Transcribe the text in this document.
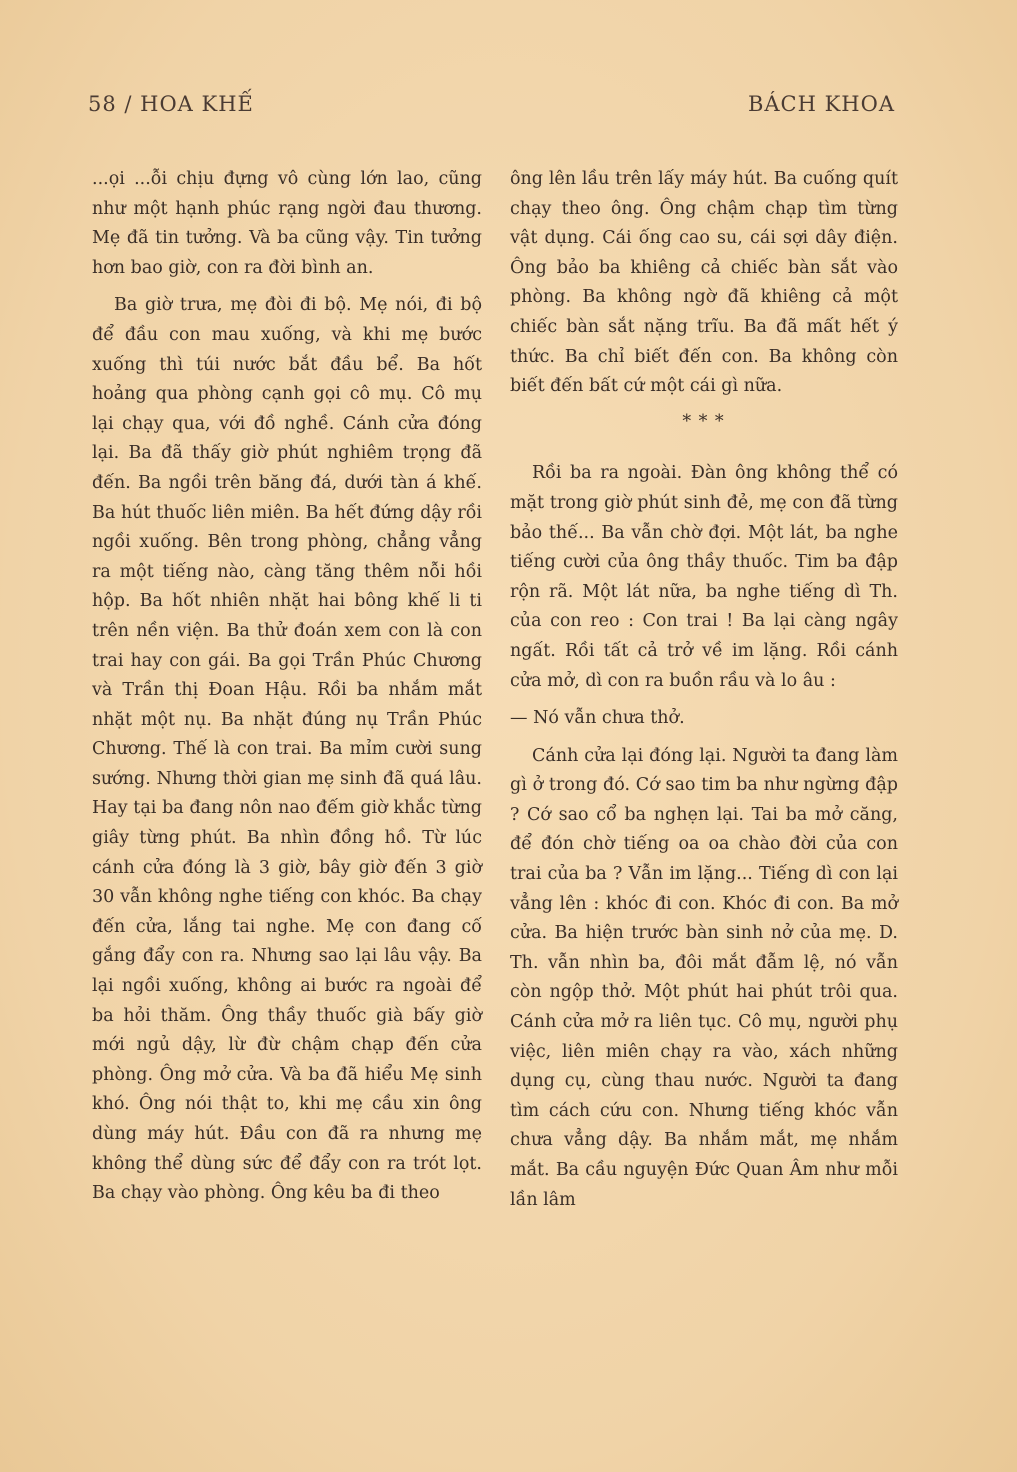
58 / HOA KHẾ	BÁCH KHOA

...ọi ...ỗi chịu đựng vô cùng lớn lao, cũng như một hạnh phúc rạng ngời đau thương. Mẹ đã tin tưởng. Và ba cũng vậy. Tin tưởng hơn bao giờ, con ra đời bình an.

Ba giờ trưa, mẹ đòi đi bộ. Mẹ nói, đi bộ để đầu con mau xuống, và khi mẹ bước xuống thì túi nước bắt đầu bể. Ba hốt hoảng qua phòng cạnh gọi cô mụ. Cô mụ lại chạy qua, với đồ nghề. Cánh cửa đóng lại. Ba đã thấy giờ phút nghiêm trọng đã đến. Ba ngồi trên băng đá, dưới tàn á khế. Ba hút thuốc liên miên. Ba hết đứng dậy rồi ngồi xuống. Bên trong phòng, chẳng vẳng ra một tiếng nào, càng tăng thêm nỗi hồi hộp. Ba hốt nhiên nhặt hai bông khế li ti trên nền viện. Ba thử đoán xem con là con trai hay con gái. Ba gọi Trần Phúc Chương và Trần thị Đoan Hậu. Rồi ba nhắm mắt nhặt một nụ. Ba nhặt đúng nụ Trần Phúc Chương. Thế là con trai. Ba mỉm cười sung sướng. Nhưng thời gian mẹ sinh đã quá lâu. Hay tại ba đang nôn nao đếm giờ khắc từng giây từng phút. Ba nhìn đồng hồ. Từ lúc cánh cửa đóng là 3 giờ, bây giờ đến 3 giờ 30 vẫn không nghe tiếng con khóc. Ba chạy đến cửa, lắng tai nghe. Mẹ con đang cố gắng đẩy con ra. Nhưng sao lại lâu vậy. Ba lại ngồi xuống, không ai bước ra ngoài để ba hỏi thăm. Ông thầy thuốc già bấy giờ mới ngủ dậy, lừ đừ chậm chạp đến cửa phòng. Ông mở cửa. Và ba đã hiểu Mẹ sinh khó. Ông nói thật to, khi mẹ cầu xin ông dùng máy hút. Đầu con đã ra nhưng mẹ không thể dùng sức để đẩy con ra trót lọt. Ba chạy vào phòng. Ông kêu ba đi theo

ông lên lầu trên lấy máy hút. Ba cuống quít chạy theo ông. Ông chậm chạp tìm từng vật dụng. Cái ống cao su, cái sợi dây điện. Ông bảo ba khiêng cả chiếc bàn sắt vào phòng. Ba không ngờ đã khiêng cả một chiếc bàn sắt nặng trĩu. Ba đã mất hết ý thức. Ba chỉ biết đến con. Ba không còn biết đến bất cứ một cái gì nữa.

* * *

Rồi ba ra ngoài. Đàn ông không thể có mặt trong giờ phút sinh đẻ, mẹ con đã từng bảo thế... Ba vẫn chờ đợi. Một lát, ba nghe tiếng cười của ông thầy thuốc. Tim ba đập rộn rã. Một lát nữa, ba nghe tiếng dì Th. của con reo : Con trai ! Ba lại càng ngây ngất. Rồi tất cả trở về im lặng. Rồi cánh cửa mở, dì con ra buồn rầu và lo âu :

— Nó vẫn chưa thở.

Cánh cửa lại đóng lại. Người ta đang làm gì ở trong đó. Cớ sao tim ba như ngừng đập ? Cớ sao cổ ba nghẹn lại. Tai ba mở căng, để đón chờ tiếng oa oa chào đời của con trai của ba ? Vẫn im lặng... Tiếng dì con lại vẳng lên : khóc đi con. Khóc đi con. Ba mở cửa. Ba hiện trước bàn sinh nở của mẹ. D. Th. vẫn nhìn ba, đôi mắt đẫm lệ, nó vẫn còn ngộp thở. Một phút hai phút trôi qua. Cánh cửa mở ra liên tục. Cô mụ, người phụ việc, liên miên chạy ra vào, xách những dụng cụ, cùng thau nước. Người ta đang tìm cách cứu con. Nhưng tiếng khóc vẫn chưa vẳng dậy. Ba nhắm mắt, mẹ nhắm mắt. Ba cầu nguyện Đức Quan Âm như mỗi lần lâm
